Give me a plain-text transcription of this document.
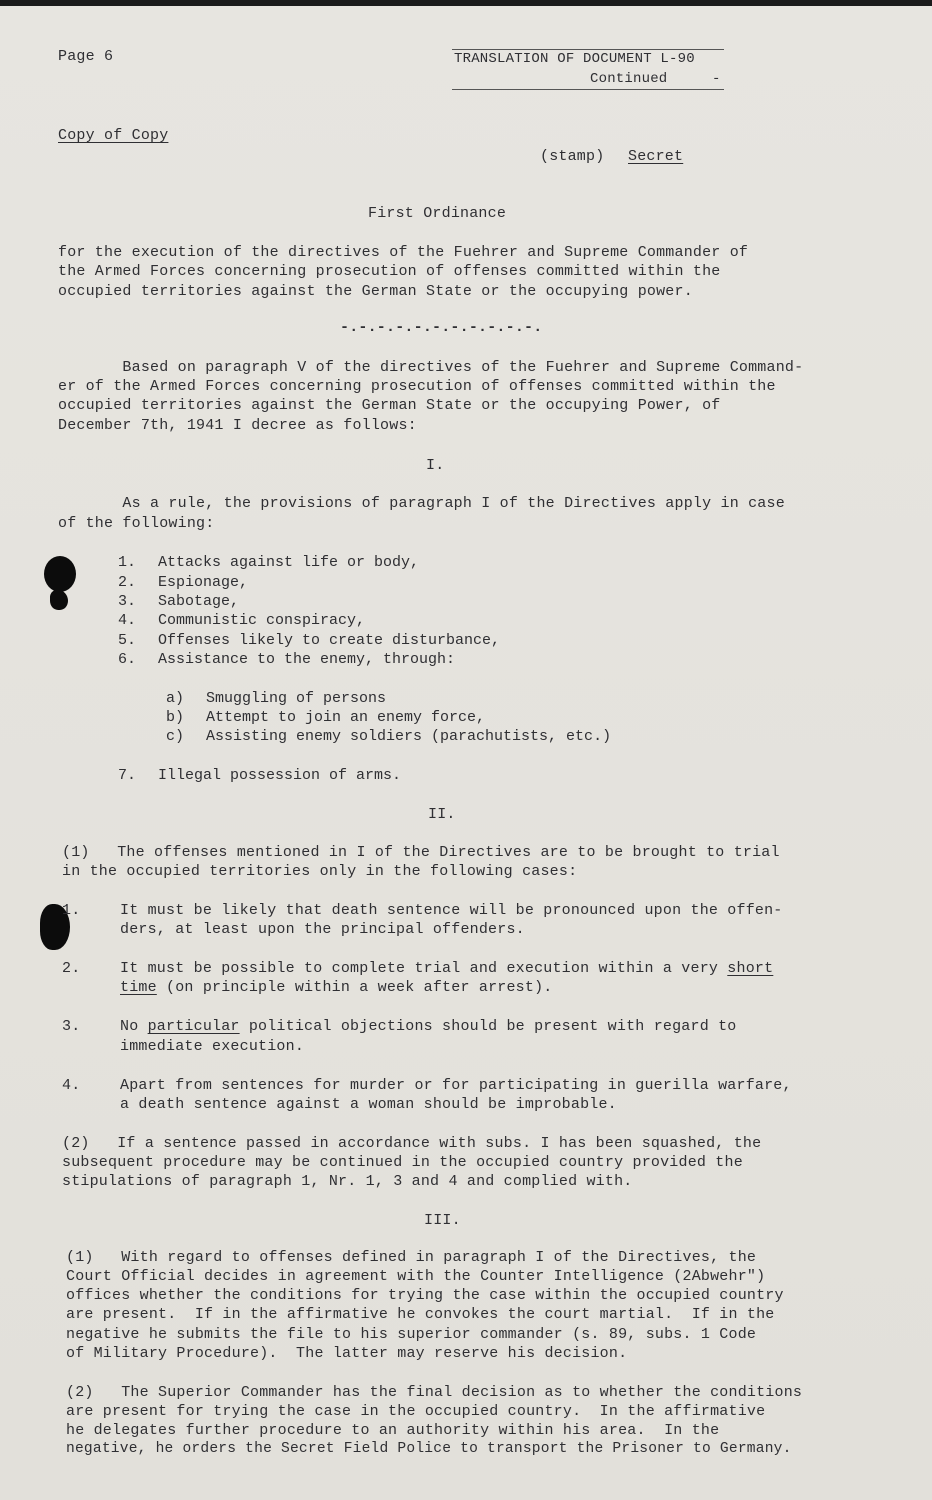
Page 6	TRANSLATION OF DOCUMENT L-90
Continued	-
Copy of Copy
(stamp) Secret
First Ordinance
for the execution of the directives of the Fuehrer and Supreme Commander of
the Armed Forces concerning prosecution of offenses committed within the
occupied territories against the German State or the occupying power.
-.-.-.-.-.-.-.-.-.-.-.
Based on paragraph V of the directives of the Fuehrer and Supreme Command-
er of the Armed Forces concerning prosecution of offenses committed within the
occupied territories against the German State or the occupying Power, of
December 7th, 1941 I decree as follows:
I.
As a rule, the provisions of paragraph I of the Directives apply in case
of the following:
1. Attacks against life or body,
2. Espionage,
3. Sabotage,
4. Communistic conspiracy,
5. Offenses likely to create disturbance,
6. Assistance to the enemy, through:
a) Smuggling of persons
b) Attempt to join an enemy force,
c) Assisting enemy soldiers (parachutists, etc.)
7. Illegal possession of arms.
II.
(1)   The offenses mentioned in I of the Directives are to be brought to trial
in the occupied territories only in the following cases:
1.	It must be likely that death sentence will be pronounced upon the offen-
ders, at least upon the principal offenders.
2.	It must be possible to complete trial and execution within a very short
time (on principle within a week after arrest).
3.	No particular political objections should be present with regard to
immediate execution.
4.	Apart from sentences for murder or for participating in guerilla warfare,
a death sentence against a woman should be improbable.
(2)   If a sentence passed in accordance with subs. I has been squashed, the
subsequent procedure may be continued in the occupied country provided the
stipulations of paragraph 1, Nr. 1, 3 and 4 and complied with.
III.
(1)   With regard to offenses defined in paragraph I of the Directives, the
Court Official decides in agreement with the Counter Intelligence (2Abwehr")
offices whether the conditions for trying the case within the occupied country
are present.  If in the affirmative he convokes the court martial.  If in the
negative he submits the file to his superior commander (s. 89, subs. 1 Code
of Military Procedure).  The latter may reserve his decision.
(2)   The Superior Commander has the final decision as to whether the conditions
are present for trying the case in the occupied country.  In the affirmative
he delegates further procedure to an authority within his area.  In the
negative, he orders the Secret Field Police to transport the Prisoner to Germany.
